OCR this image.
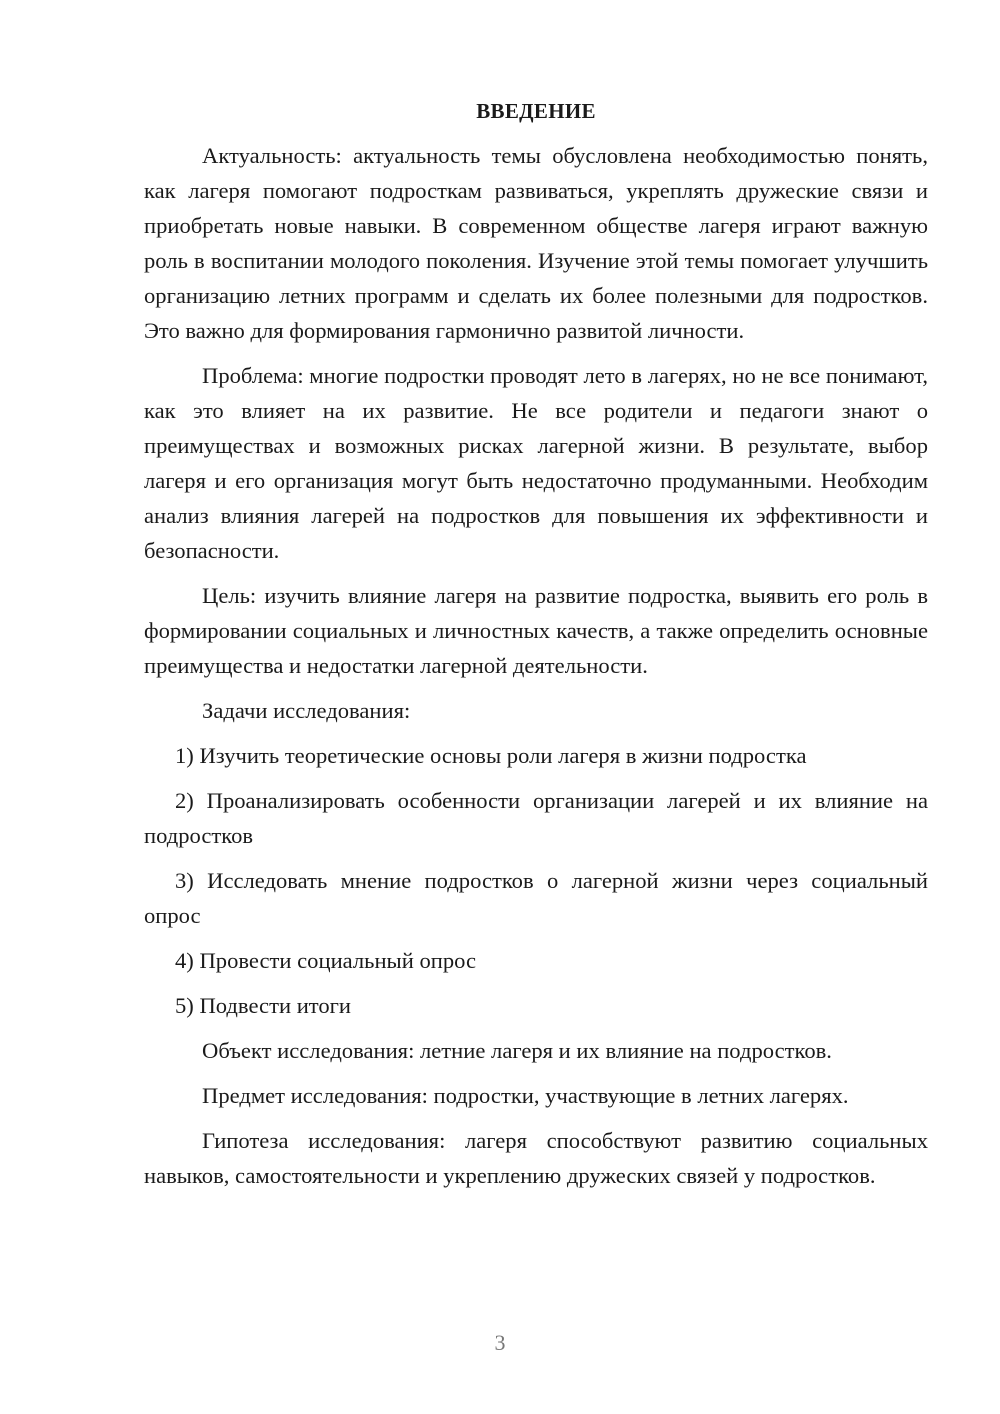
ВВЕДЕНИЕ

Актуальность: актуальность темы обусловлена необходимостью понять, как лагеря помогают подросткам развиваться, укреплять дружеские связи и приобретать новые навыки. В современном обществе лагеря играют важную роль в воспитании молодого поколения. Изучение этой темы помогает улучшить организацию летних программ и сделать их более полезными для подростков. Это важно для формирования гармонично развитой личности.

Проблема: многие подростки проводят лето в лагерях, но не все понимают, как это влияет на их развитие. Не все родители и педагоги знают о преимуществах и возможных рисках лагерной жизни. В результате, выбор лагеря и его организация могут быть недостаточно продуманными. Необходим анализ влияния лагерей на подростков для повышения их эффективности и безопасности.

Цель: изучить влияние лагеря на развитие подростка, выявить его роль в формировании социальных и личностных качеств, а также определить основные преимущества и недостатки лагерной деятельности.

Задачи исследования:

1) Изучить теоретические основы роли лагеря в жизни подростка

2) Проанализировать особенности организации лагерей и их влияние на подростков

3) Исследовать мнение подростков о лагерной жизни через социальный опрос

4) Провести социальный опрос

5) Подвести итоги

Объект исследования: летние лагеря и их влияние на подростков.

Предмет исследования: подростки, участвующие в летних лагерях.

Гипотеза исследования: лагеря способствуют развитию социальных навыков, самостоятельности и укреплению дружеских связей у подростков.

3
